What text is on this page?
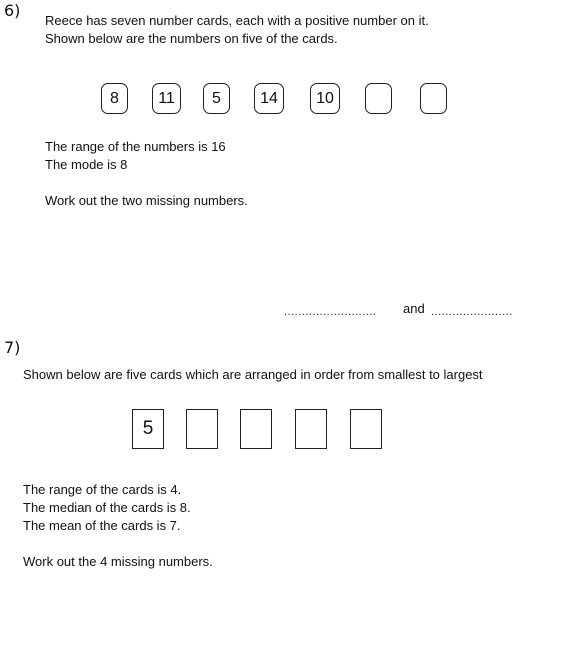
6)
Reece has seven number cards, each with a positive number on it.
Shown below are the numbers on five of the cards.
8 11 5 14 10
The range of the numbers is 16
The mode is 8
Work out the two missing numbers.
.......................... and .......................
7)
Shown below are five cards which are arranged in order from smallest to largest
5
The range of the cards is 4.
The median of the cards is 8.
The mean of the cards is 7.
Work out the 4 missing numbers.
